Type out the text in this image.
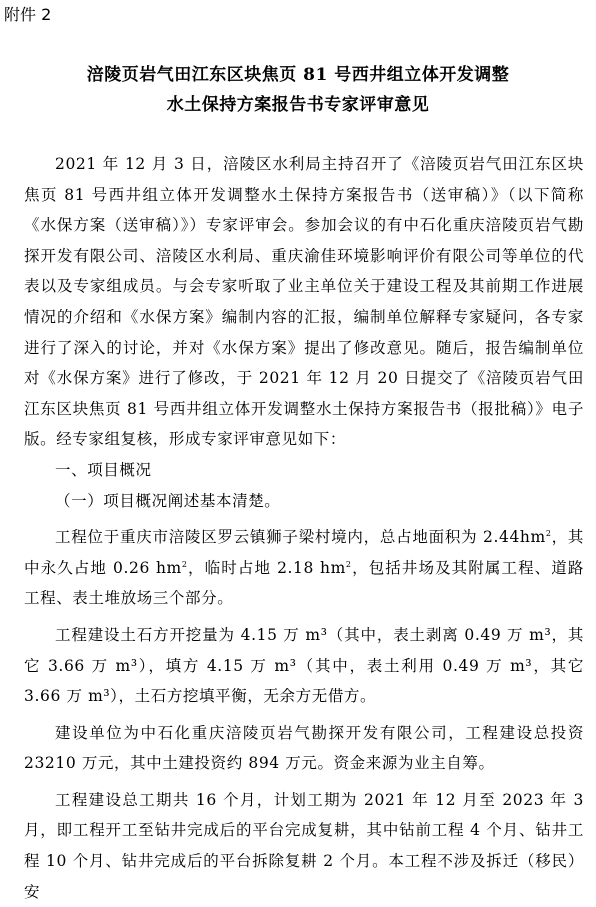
附件 2
涪陵页岩气田江东区块焦页 81 号西井组立体开发调整
水土保持方案报告书专家评审意见

2021 年 12 月 3 日，涪陵区水利局主持召开了《涪陵页岩气田江东区块焦页 81 号西井组立体开发调整水土保持方案报告书（送审稿）》（以下简称《水保方案（送审稿）》）专家评审会。参加会议的有中石化重庆涪陵页岩气勘探开发有限公司、涪陵区水利局、重庆渝佳环境影响评价有限公司等单位的代表以及专家组成员。与会专家听取了业主单位关于建设工程及其前期工作进展情况的介绍和《水保方案》编制内容的汇报，编制单位解释专家疑问，各专家进行了深入的讨论，并对《水保方案》提出了修改意见。随后，报告编制单位对《水保方案》进行了修改，于 2021 年 12 月 20 日提交了《涪陵页岩气田江东区块焦页 81 号西井组立体开发调整水土保持方案报告书（报批稿）》电子版。经专家组复核，形成专家评审意见如下：

一、项目概况

（一）项目概况阐述基本清楚。

工程位于重庆市涪陵区罗云镇狮子梁村境内，总占地面积为 $2.44hm^2$，其中永久占地 0.26 $hm^2$，临时占地 2.18 $hm^2$，包括井场及其附属工程、道路工程、表土堆放场三个部分。

工程建设土石方开挖量为 4.15 万 m³（其中，表土剥离 0.49 万 m³，其它 3.66 万 m³），填方 4.15 万 m³（其中，表土利用 0.49 万 m³，其它 3.66 万 m³），土石方挖填平衡，无余方无借方。

建设单位为中石化重庆涪陵页岩气勘探开发有限公司，工程建设总投资 23210 万元，其中土建投资约 894 万元。资金来源为业主自筹。

工程建设总工期共 16 个月，计划工期为 2021 年 12 月至 2023 年 3 月，即工程开工至钻井完成后的平台完成复耕，其中钻前工程 4 个月、钻井工程 10 个月、钻井完成后的平台拆除复耕 2 个月。本工程不涉及拆迁（移民）安
